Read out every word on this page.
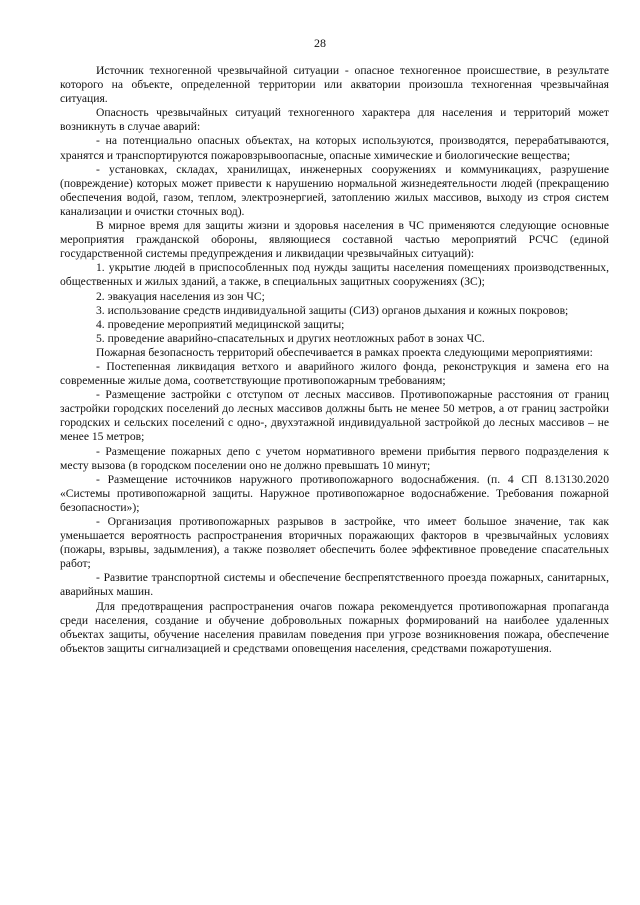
28

Источник техногенной чрезвычайной ситуации - опасное техногенное происшествие, в результате которого на объекте, определенной территории или акватории произошла техногенная чрезвычайная ситуация.

Опасность чрезвычайных ситуаций техногенного характера для населения и территорий может возникнуть в случае аварий:

- на потенциально опасных объектах, на которых используются, производятся, перерабатываются, хранятся и транспортируются пожаровзрывоопасные, опасные химические и биологические вещества;

- установках, складах, хранилищах, инженерных сооружениях и коммуникациях, разрушение (повреждение) которых может привести к нарушению нормальной жизнедеятельности людей (прекращению обеспечения водой, газом, теплом, электроэнергией, затоплению жилых массивов, выходу из строя систем канализации и очистки сточных вод).

В мирное время для защиты жизни и здоровья населения в ЧС применяются следующие основные мероприятия гражданской обороны, являющиеся составной частью мероприятий РСЧС (единой государственной системы предупреждения и ликвидации чрезвычайных ситуаций):

1. укрытие людей в приспособленных под нужды защиты населения помещениях производственных, общественных и жилых зданий, а также, в специальных защитных сооружениях (ЗС);

2. эвакуация населения из зон ЧС;

3. использование средств индивидуальной защиты (СИЗ) органов дыхания и кожных покровов;

4. проведение мероприятий медицинской защиты;

5. проведение аварийно-спасательных и других неотложных работ в зонах ЧС.

Пожарная безопасность территорий обеспечивается в рамках проекта следующими мероприятиями:

- Постепенная ликвидация ветхого и аварийного жилого фонда, реконструкция и замена его на современные жилые дома, соответствующие противопожарным требованиям;

- Размещение застройки с отступом от лесных массивов. Противопожарные расстояния от границ застройки городских поселений до лесных массивов должны быть не менее 50 метров, а от границ застройки городских и сельских поселений с одно-, двухэтажной индивидуальной застройкой до лесных массивов – не менее 15 метров;

- Размещение пожарных депо с учетом нормативного времени прибытия первого подразделения к месту вызова (в городском поселении оно не должно превышать 10 минут;

- Размещение источников наружного противопожарного водоснабжения. (п. 4 СП 8.13130.2020 «Системы противопожарной защиты. Наружное противопожарное водоснабжение. Требования пожарной безопасности»);

- Организация противопожарных разрывов в застройке, что имеет большое значение, так как уменьшается вероятность распространения вторичных поражающих факторов в чрезвычайных условиях (пожары, взрывы, задымления), а также позволяет обеспечить более эффективное проведение спасательных работ;

- Развитие транспортной системы и обеспечение беспрепятственного проезда пожарных, санитарных, аварийных машин.

Для предотвращения распространения очагов пожара рекомендуется противопожарная пропаганда среди населения, создание и обучение добровольных пожарных формирований на наиболее удаленных объектах защиты, обучение населения правилам поведения при угрозе возникновения пожара, обеспечение объектов защиты сигнализацией и средствами оповещения населения, средствами пожаротушения.
